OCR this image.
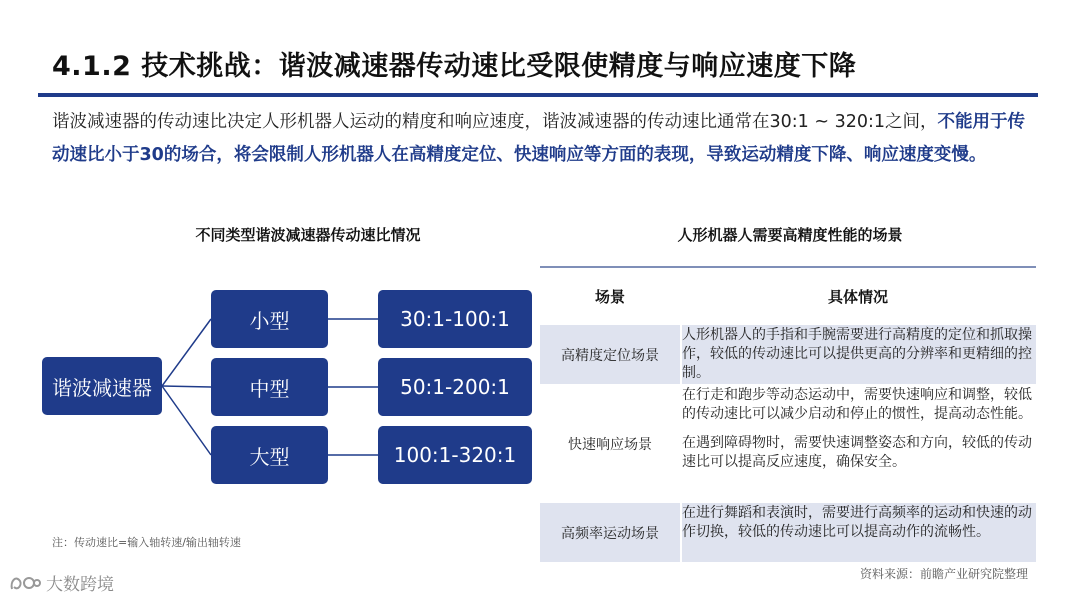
4.1.2 技术挑战：谐波减速器传动速比受限使精度与响应速度下降
谐波减速器的传动速比决定人形机器人运动的精度和响应速度，谐波减速器的传动速比通常在30:1 ~ 320:1之间，不能用于传动速比小于30的场合，将会限制人形机器人在高精度定位、快速响应等方面的表现，导致运动精度下降、响应速度变慢。
不同类型谐波减速器传动速比情况	人形机器人需要高精度性能的场景
谐波减速器
小型
中型
大型
30:1-100:1
50:1-200:1
100:1-320:1
注：传动速比=输入轴转速/输出轴转速
场景	具体情况
高精度定位场景

人形机器人的手指和手腕需要进行高精度的定位和抓取操作，较低的传动速比可以提供更高的分辨率和更精细的控制。

快速响应场景

在行走和跑步等动态运动中，需要快速响应和调整，较低的传动速比可以减少启动和停止的惯性，提高动态性能。

在遇到障碍物时，需要快速调整姿态和方向，较低的传动速比可以提高反应速度，确保安全。

高频率运动场景

在进行舞蹈和表演时，需要进行高频率的运动和快速的动作切换，较低的传动速比可以提高动作的流畅性。

资料来源：前瞻产业研究院整理
大数跨境
